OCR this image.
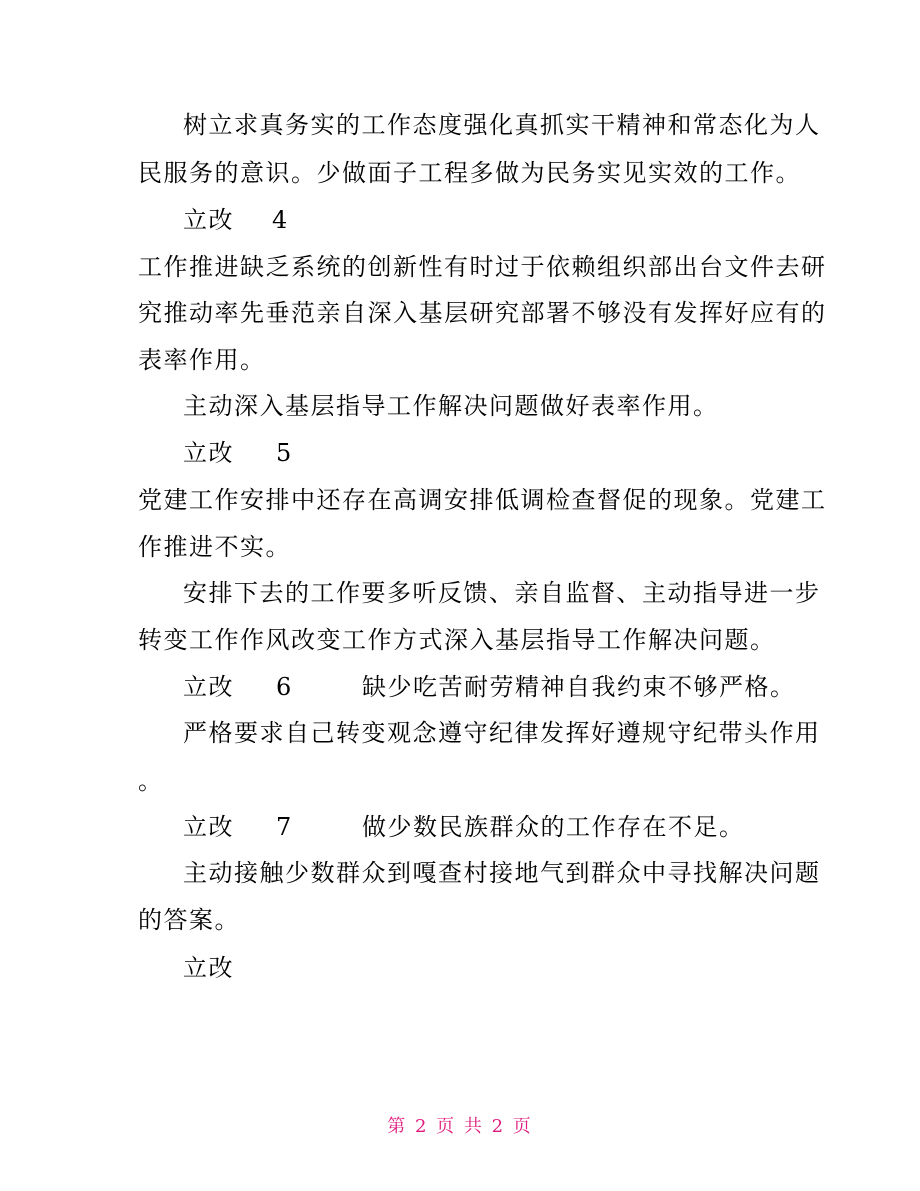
树立求真务实的工作态度强化真抓实干精神和常态化为人
民服务的意识。少做面子工程多做为民务实见实效的工作。
立改 4
工作推进缺乏系统的创新性有时过于依赖组织部出台文件去研
究推动率先垂范亲自深入基层研究部署不够没有发挥好应有的
表率作用。
主动深入基层指导工作解决问题做好表率作用。
立改 5
党建工作安排中还存在高调安排低调检查督促的现象。党建工
作推进不实。
安排下去的工作要多听反馈、亲自监督、主动指导进一步
转变工作作风改变工作方式深入基层指导工作解决问题。
立改 6	缺少吃苦耐劳精神自我约束不够严格。
严格要求自己转变观念遵守纪律发挥好遵规守纪带头作用
。
立改 7	做少数民族群众的工作存在不足。
主动接触少数群众到嘎查村接地气到群众中寻找解决问题
的答案。
立改
第 2 页 共 2 页
